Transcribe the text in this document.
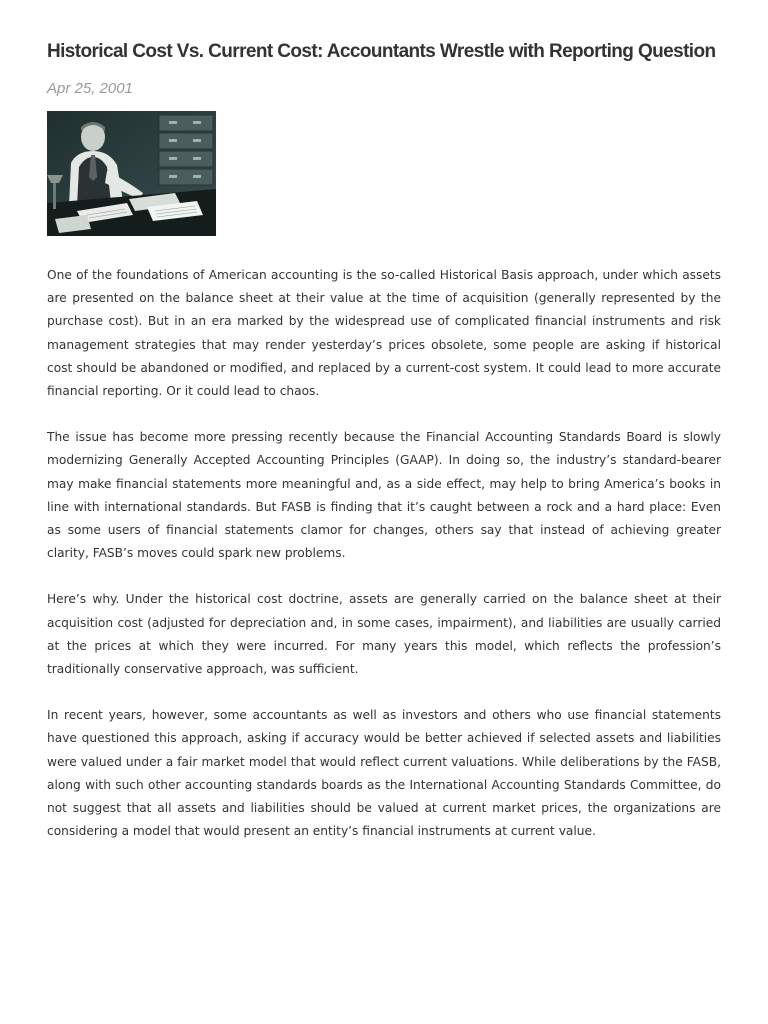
Historical Cost Vs. Current Cost: Accountants Wrestle with Reporting Question
Apr 25, 2001

One of the foundations of American accounting is the so-called Historical Basis approach, under which assets are presented on the balance sheet at their value at the time of acquisition (generally represented by the purchase cost). But in an era marked by the widespread use of complicated financial instruments and risk management strategies that may render yesterday’s prices obsolete, some people are asking if historical cost should be abandoned or modified, and replaced by a current-cost system. It could lead to more accurate financial reporting. Or it could lead to chaos.

The issue has become more pressing recently because the Financial Accounting Standards Board is slowly modernizing Generally Accepted Accounting Principles (GAAP). In doing so, the industry’s standard-bearer may make financial statements more meaningful and, as a side effect, may help to bring America’s books in line with international standards. But FASB is finding that it’s caught between a rock and a hard place: Even as some users of financial statements clamor for changes, others say that instead of achieving greater clarity, FASB’s moves could spark new problems.

Here’s why. Under the historical cost doctrine, assets are generally carried on the balance sheet at their acquisition cost (adjusted for depreciation and, in some cases, impairment), and liabilities are usually carried at the prices at which they were incurred. For many years this model, which reflects the profession’s traditionally conservative approach, was sufficient.

In recent years, however, some accountants as well as investors and others who use financial statements have questioned this approach, asking if accuracy would be better achieved if selected assets and liabilities were valued under a fair market model that would reflect current valuations. While deliberations by the FASB, along with such other accounting standards boards as the International Accounting Standards Committee, do not suggest that all assets and liabilities should be valued at current market prices, the organizations are considering a model that would present an entity’s financial instruments at current value.
